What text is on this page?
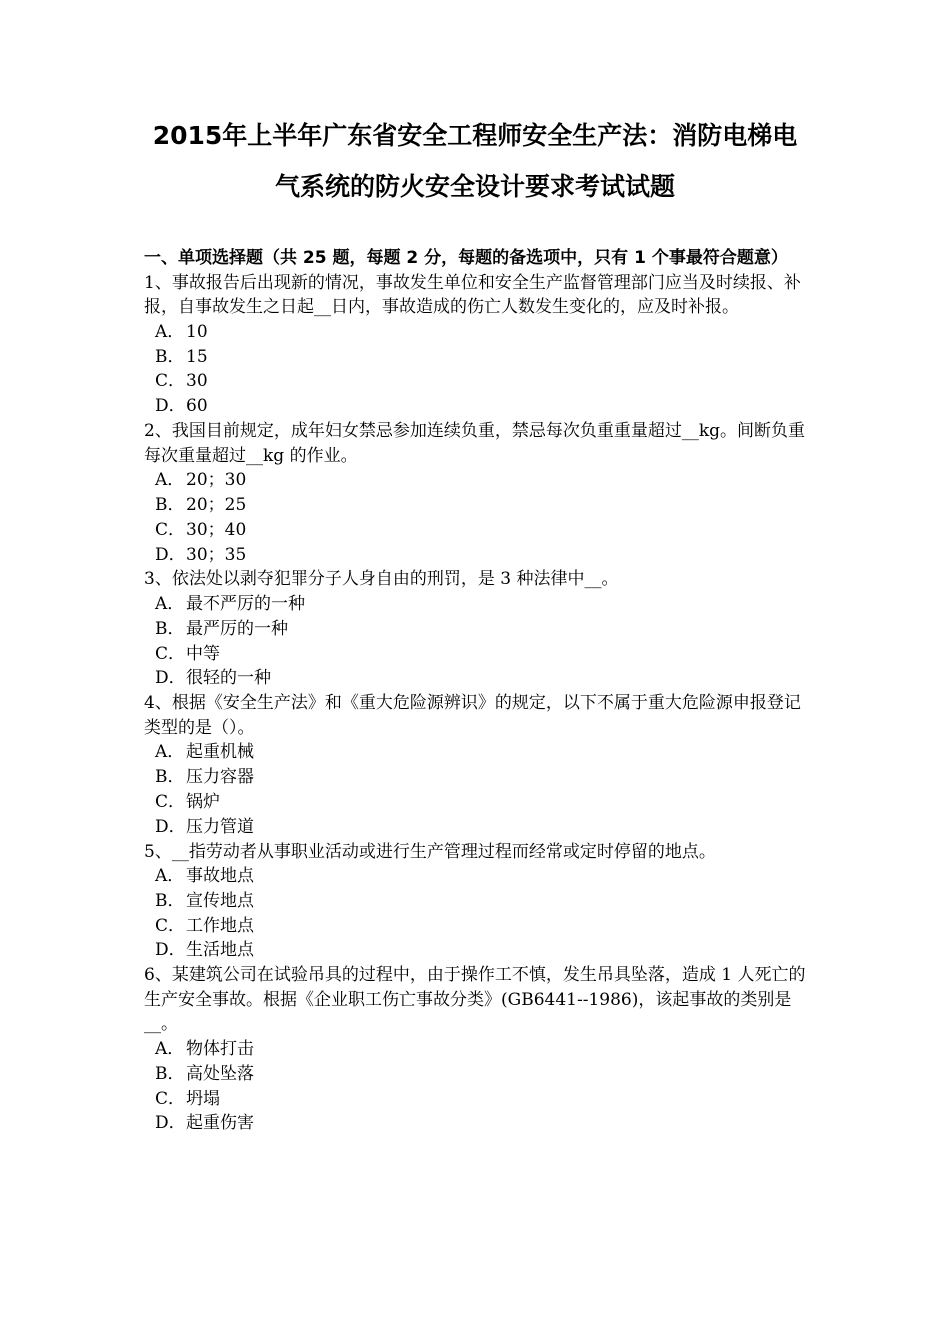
2015年上半年广东省安全工程师安全生产法：消防电梯电
气系统的防火安全设计要求考试试题
一、单项选择题（共 25 题，每题 2 分，每题的备选项中，只有 1 个事最符合题意）
1、事故报告后出现新的情况，事故发生单位和安全生产监督管理部门应当及时续报、补报，自事故发生之日起__日内，事故造成的伤亡人数发生变化的，应及时补报。
A． 10
B．15
C．30
D．60
2、我国目前规定，成年妇女禁忌参加连续负重，禁忌每次负重重量超过__kg。间断负重每次重量超过__kg 的作业。
A． 20；30
B．20；25
C．30；40
D．30；35
3、依法处以剥夺犯罪分子人身自由的刑罚，是 3 种法律中__。
A． 最不严厉的一种
B．最严厉的一种
C．中等
D．很轻的一种
4、根据《安全生产法》和《重大危险源辨识》的规定，以下不属于重大危险源申报登记类型的是（）。
A． 起重机械
B．压力容器
C．锅炉
D．压力管道
5、__指劳动者从事职业活动或进行生产管理过程而经常或定时停留的地点。
A． 事故地点
B．宣传地点
C．工作地点
D．生活地点
6、某建筑公司在试验吊具的过程中，由于操作工不慎，发生吊具坠落，造成 1 人死亡的生产安全事故。根据《企业职工伤亡事故分类》(GB6441--1986)，该起事故的类别是__。
A． 物体打击
B．高处坠落
C．坍塌
D．起重伤害
